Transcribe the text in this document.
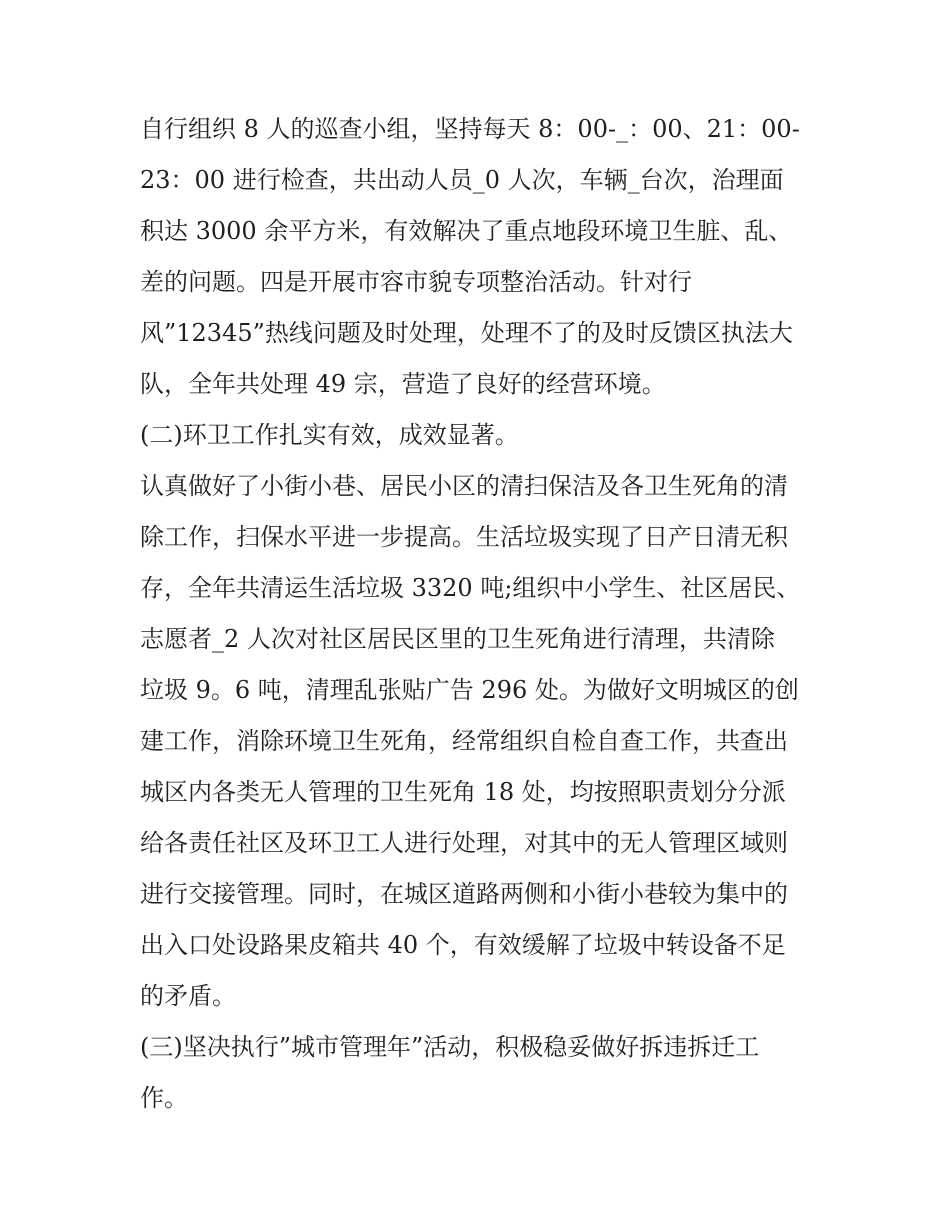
自行组织 8 人的巡查小组，坚持每天 8：00-_：00、21：00-
23：00 进行检查，共出动人员_0 人次，车辆_台次，治理面
积达 3000 余平方米，有效解决了重点地段环境卫生脏、乱、
差的问题。四是开展市容市貌专项整治活动。针对行
风”12345”热线问题及时处理，处理不了的及时反馈区执法大
队，全年共处理 49 宗，营造了良好的经营环境。
(二)环卫工作扎实有效，成效显著。
认真做好了小街小巷、居民小区的清扫保洁及各卫生死角的清
除工作，扫保水平进一步提高。生活垃圾实现了日产日清无积
存，全年共清运生活垃圾 3320 吨;组织中小学生、社区居民、
志愿者_2 人次对社区居民区里的卫生死角进行清理，共清除
垃圾 9。6 吨，清理乱张贴广告 296 处。为做好文明城区的创
建工作，消除环境卫生死角，经常组织自检自查工作，共查出
城区内各类无人管理的卫生死角 18 处，均按照职责划分分派
给各责任社区及环卫工人进行处理，对其中的无人管理区域则
进行交接管理。同时，在城区道路两侧和小街小巷较为集中的
出入口处设路果皮箱共 40 个，有效缓解了垃圾中转设备不足
的矛盾。
(三)坚决执行”城市管理年”活动，积极稳妥做好拆违拆迁工
作。
